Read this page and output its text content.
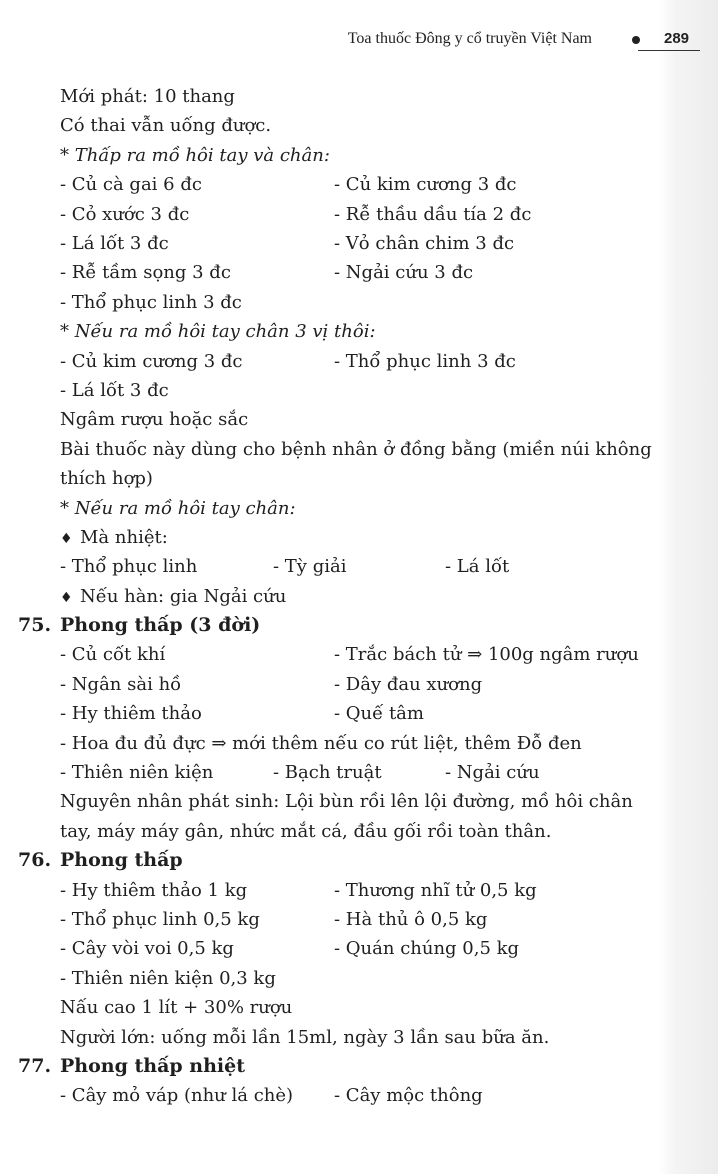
Toa thuốc Đông y cổ truyền Việt Nam	289
Mới phát: 10 thang
Có thai vẫn uống được.
* Thấp ra mồ hôi tay và chân:
- Củ cà gai 6 đc	- Củ kim cương 3 đc
- Cỏ xước 3 đc	- Rễ thầu dầu tía 2 đc
- Lá lốt 3 đc	- Vỏ chân chim 3 đc
- Rễ tầm sọng 3 đc	- Ngải cứu 3 đc
- Thổ phục linh 3 đc
* Nếu ra mồ hôi tay chân 3 vị thôi:
- Củ kim cương 3 đc	- Thổ phục linh 3 đc
- Lá lốt 3 đc
Ngâm rượu hoặc sắc
Bài thuốc này dùng cho bệnh nhân ở đồng bằng (miền núi không thích hợp)
* Nếu ra mồ hôi tay chân:
♦ Mà nhiệt:
- Thổ phục linh	- Tỳ giải	- Lá lốt
♦ Nếu hàn: gia Ngải cứu
75. Phong thấp (3 đời)
- Củ cốt khí	- Trắc bách tử ⇒ 100g ngâm rượu
- Ngân sài hồ	- Dây đau xương
- Hy thiêm thảo	- Quế tâm
- Hoa đu đủ đực ⇒ mới thêm nếu co rút liệt, thêm Đỗ đen
- Thiên niên kiện	- Bạch truật	- Ngải cứu
Nguyên nhân phát sinh: Lội bùn rồi lên lội đường, mồ hôi chân tay, máy máy gân, nhức mắt cá, đầu gối rồi toàn thân.
76. Phong thấp
- Hy thiêm thảo 1 kg	- Thương nhĩ tử 0,5 kg
- Thổ phục linh 0,5 kg	- Hà thủ ô 0,5 kg
- Cây vòi voi 0,5 kg	- Quán chúng 0,5 kg
- Thiên niên kiện 0,3 kg
Nấu cao 1 lít + 30% rượu
Người lớn: uống mỗi lần 15ml, ngày 3 lần sau bữa ăn.
77. Phong thấp nhiệt
- Cây mỏ váp (như lá chè) - Cây mộc thông
